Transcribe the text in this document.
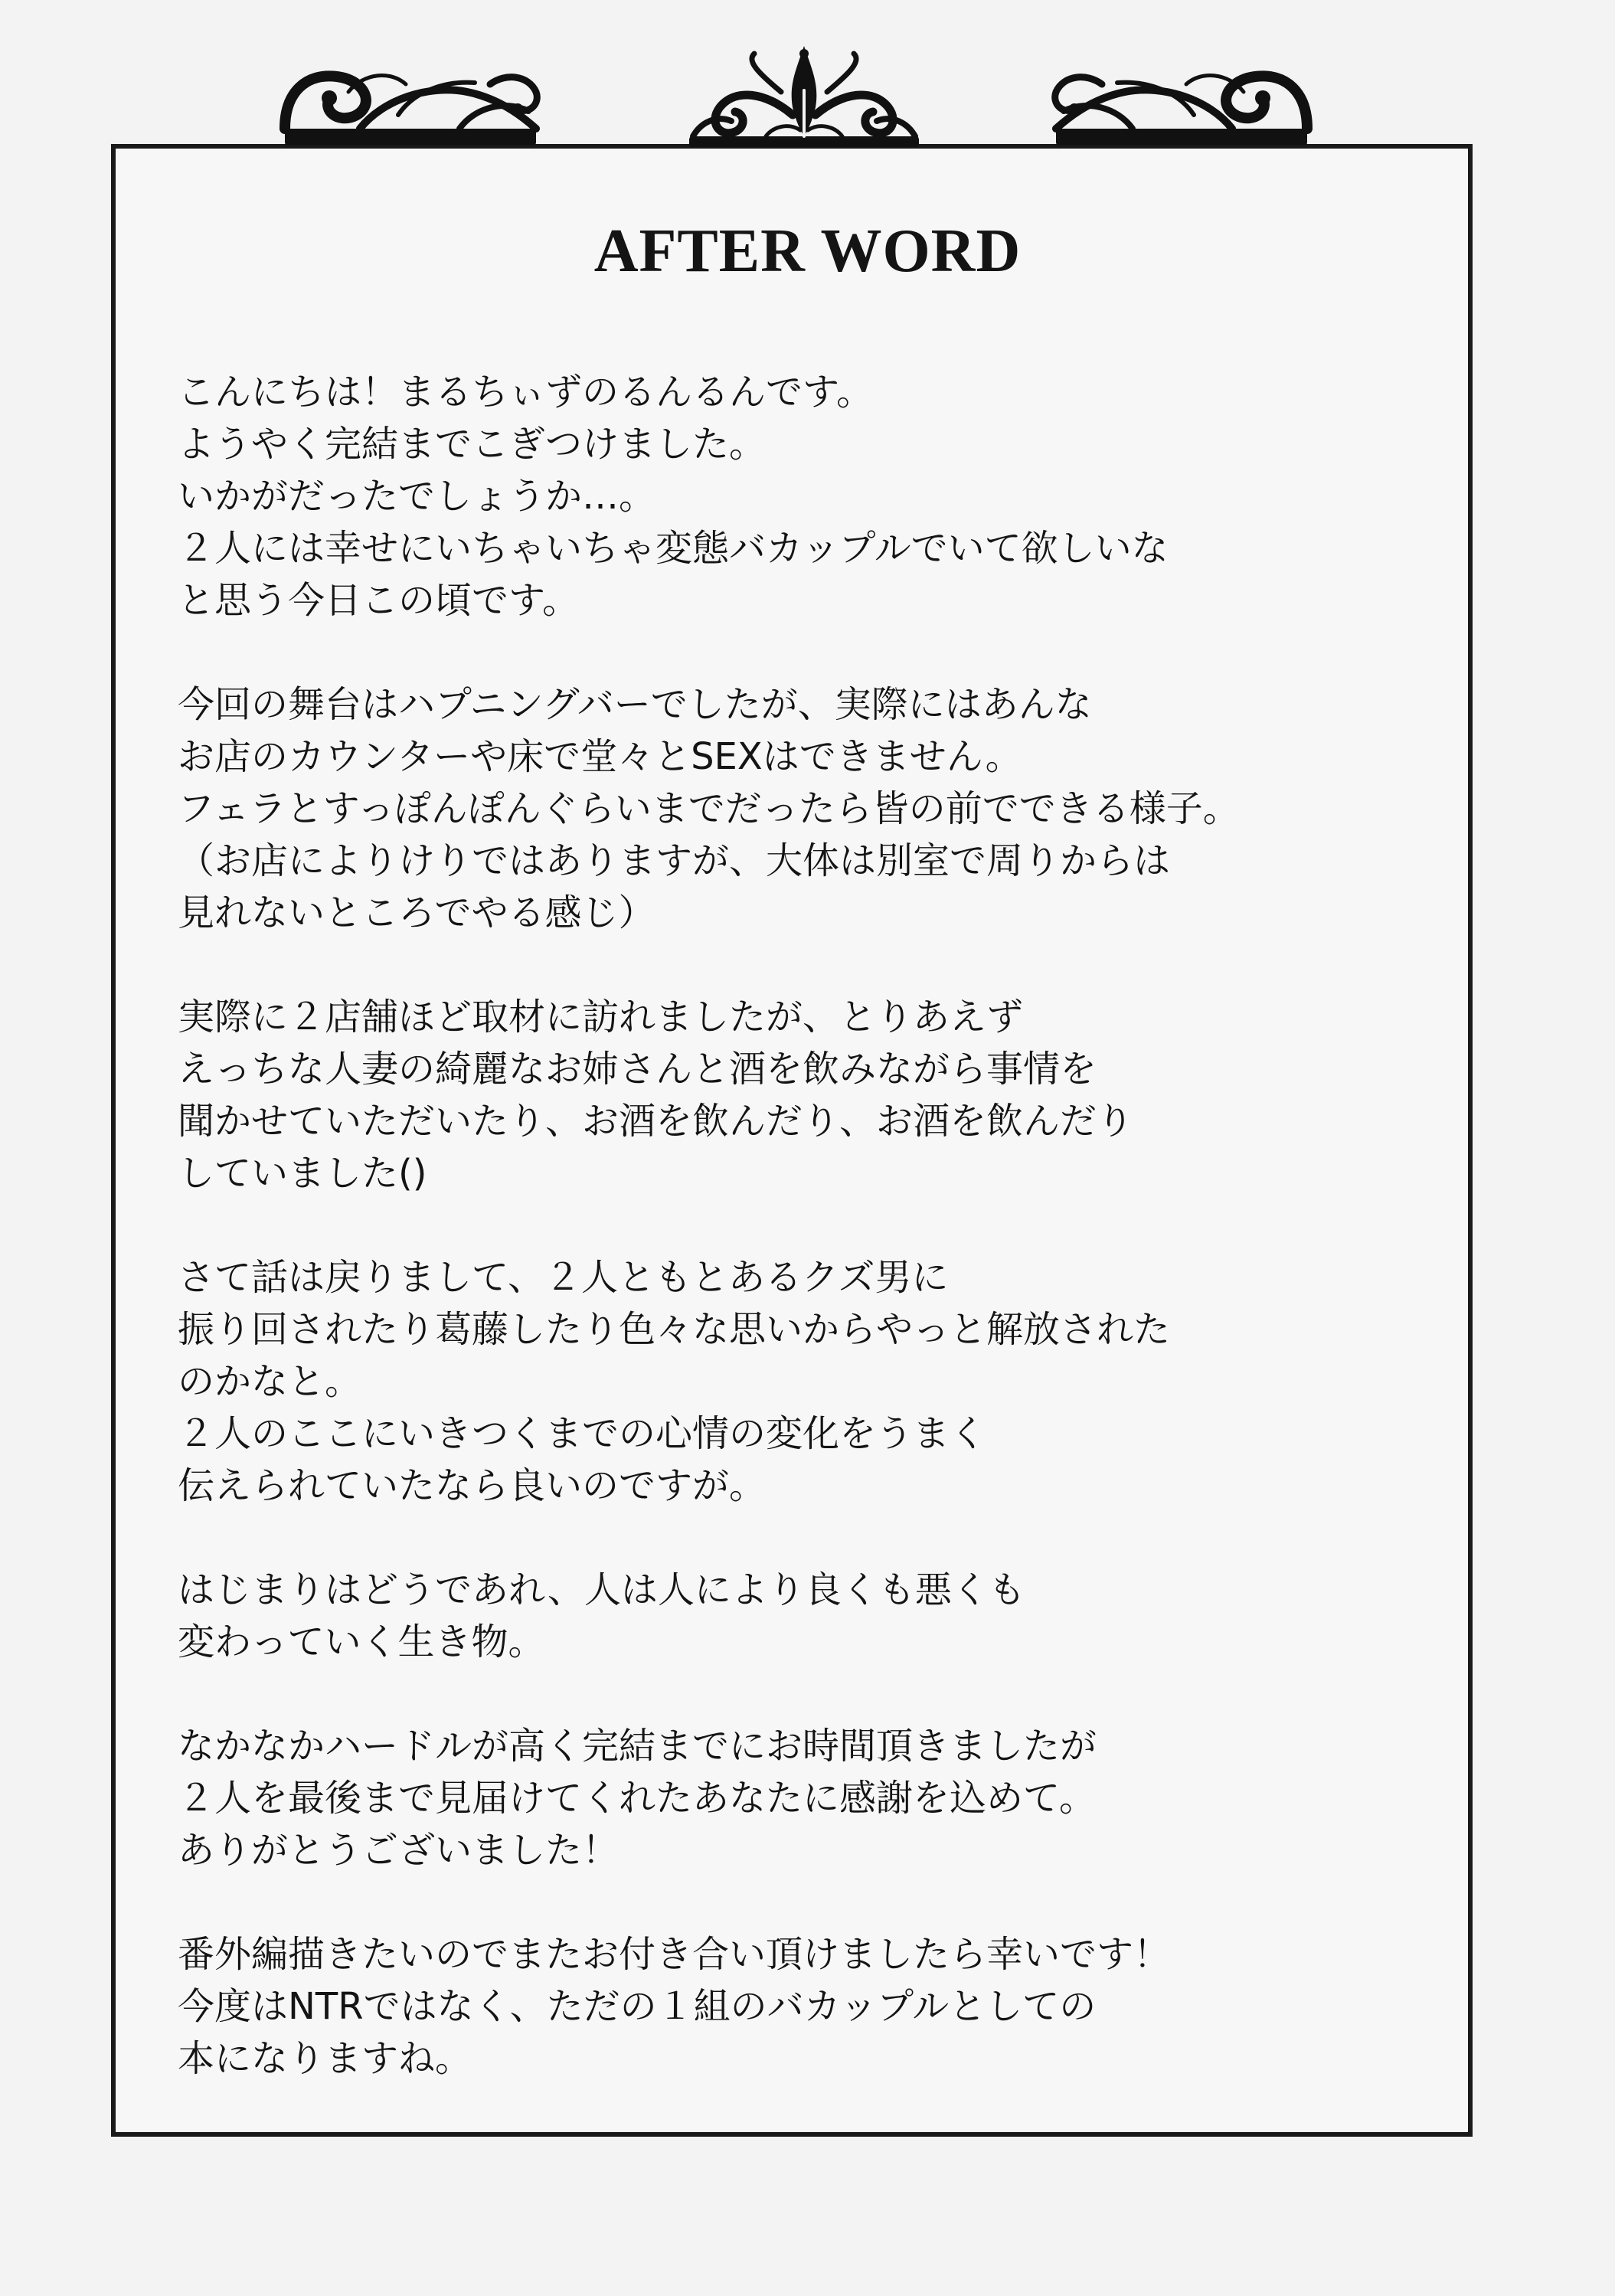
AFTER WORD

こんにちは！まるちぃずのるんるんです。
ようやく完結までこぎつけました。
いかがだったでしょうか…。
２人には幸せにいちゃいちゃ変態バカップルでいて欲しいな
と思う今日この頃です。

今回の舞台はハプニングバーでしたが、実際にはあんな
お店のカウンターや床で堂々とSEXはできません。
フェラとすっぽんぽんぐらいまでだったら皆の前でできる様子。
（お店によりけりではありますが、大体は別室で周りからは
見れないところでやる感じ）

実際に２店舗ほど取材に訪れましたが、とりあえず
えっちな人妻の綺麗なお姉さんと酒を飲みながら事情を
聞かせていただいたり、お酒を飲んだり、お酒を飲んだり
していました()

さて話は戻りまして、２人ともとあるクズ男に
振り回されたり葛藤したり色々な思いからやっと解放された
のかなと。
２人のここにいきつくまでの心情の変化をうまく
伝えられていたなら良いのですが。

はじまりはどうであれ、人は人により良くも悪くも
変わっていく生き物。

なかなかハードルが高く完結までにお時間頂きましたが
２人を最後まで見届けてくれたあなたに感謝を込めて。
ありがとうございました！

番外編描きたいのでまたお付き合い頂けましたら幸いです！
今度はNTRではなく、ただの１組のバカップルとしての
本になりますね。
